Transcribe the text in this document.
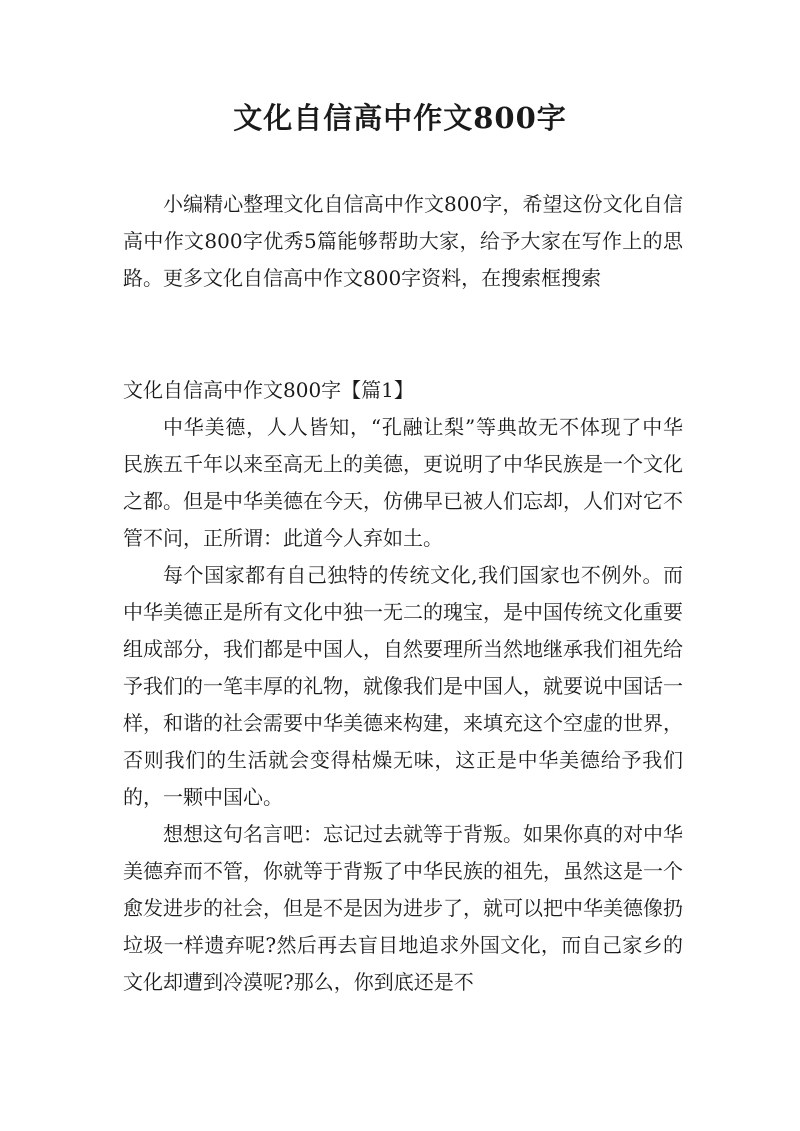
文化自信高中作文800字

小编精心整理文化自信高中作文800字，希望这份文化自信高中作文800字优秀5篇能够帮助大家，给予大家在写作上的思路。更多文化自信高中作文800字资料，在搜索框搜索

文化自信高中作文800字【篇1】

中华美德，人人皆知，“孔融让梨”等典故无不体现了中华民族五千年以来至高无上的美德，更说明了中华民族是一个文化之都。但是中华美德在今天，仿佛早已被人们忘却，人们对它不管不问，正所谓：此道今人弃如土。

每个国家都有自己独特的传统文化,我们国家也不例外。而中华美德正是所有文化中独一无二的瑰宝，是中国传统文化重要组成部分，我们都是中国人，自然要理所当然地继承我们祖先给予我们的一笔丰厚的礼物，就像我们是中国人，就要说中国话一样，和谐的社会需要中华美德来构建，来填充这个空虚的世界，否则我们的生活就会变得枯燥无味，这正是中华美德给予我们的，一颗中国心。

想想这句名言吧：忘记过去就等于背叛。如果你真的对中华美德弃而不管，你就等于背叛了中华民族的祖先，虽然这是一个愈发进步的社会，但是不是因为进步了，就可以把中华美德像扔垃圾一样遗弃呢?然后再去盲目地追求外国文化，而自己家乡的文化却遭到冷漠呢?那么，你到底还是不
